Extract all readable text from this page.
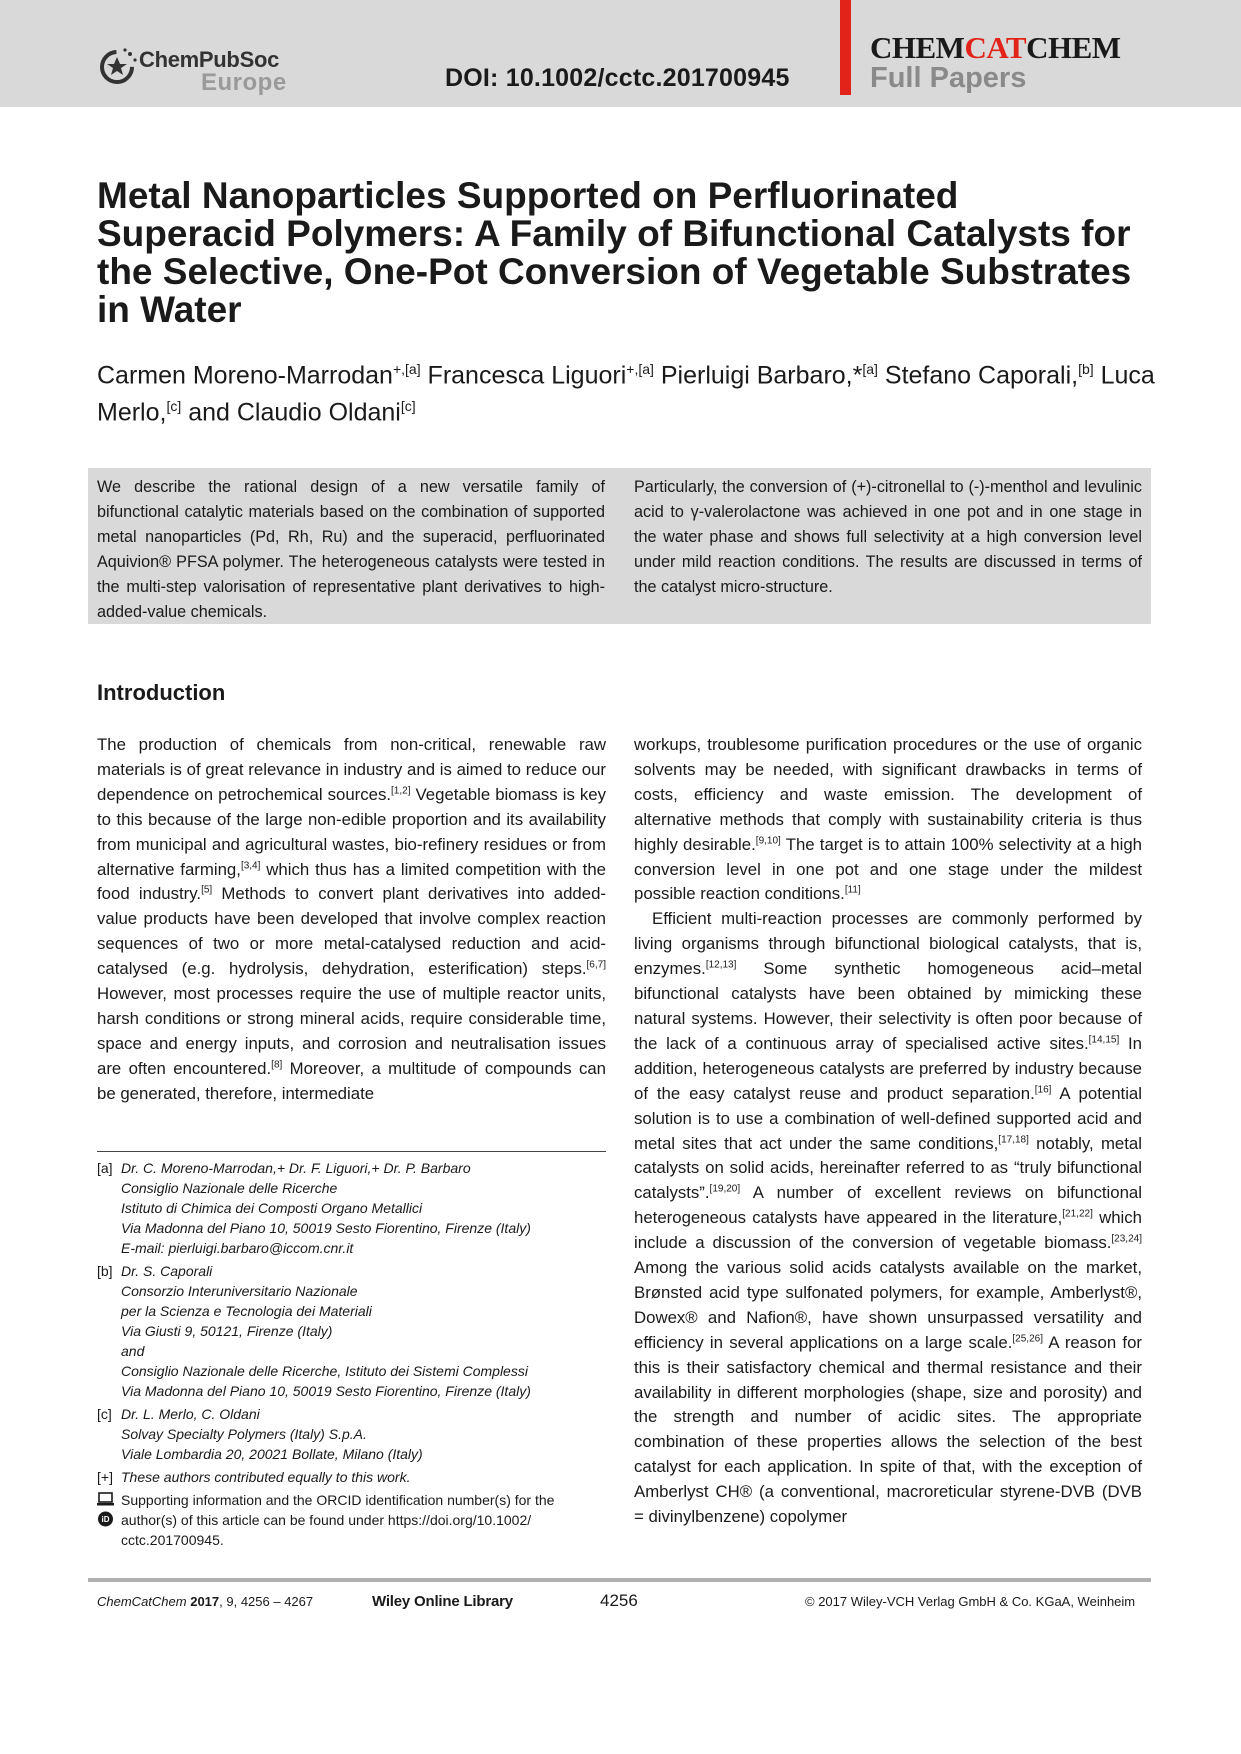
ChemPubSoc
Europe	DOI: 10.1002/cctc.201700945
CHEMCATCHEM
Full Papers
Metal Nanoparticles Supported on Perfluorinated Superacid Polymers: A Family of Bifunctional Catalysts for the Selective, One-Pot Conversion of Vegetable Substrates in Water
Carmen Moreno-Marrodan$^{+,[a]}$ Francesca Liguori$^{+,[a]}$ Pierluigi Barbaro,*[a] Stefano Caporali,[b] Luca Merlo,[c] and Claudio Oldani[c]
We describe the rational design of a new versatile family of bifunctional catalytic materials based on the combination of supported metal nanoparticles (Pd, Rh, Ru) and the superacid, perfluorinated Aquivion® PFSA polymer. The heterogeneous catalysts were tested in the multi-step valorisation of representative plant derivatives to high-added-value chemicals.
Particularly, the conversion of (+)-citronellal to (-)-menthol and levulinic acid to γ-valerolactone was achieved in one pot and in one stage in the water phase and shows full selectivity at a high conversion level under mild reaction conditions. The results are discussed in terms of the catalyst micro-structure.
Introduction

The production of chemicals from non-critical, renewable raw materials is of great relevance in industry and is aimed to reduce our dependence on petrochemical sources.[1,2] Vegetable biomass is key to this because of the large non-edible proportion and its availability from municipal and agricultural wastes, bio-refinery residues or from alternative farming,[3,4] which thus has a limited competition with the food industry.[5] Methods to convert plant derivatives into added-value products have been developed that involve complex reaction sequences of two or more metal-catalysed reduction and acid-catalysed (e.g. hydrolysis, dehydration, esterification) steps.[6,7] However, most processes require the use of multiple reactor units, harsh conditions or strong mineral acids, require considerable time, space and energy inputs, and corrosion and neutralisation issues are often encountered.[8] Moreover, a multitude of compounds can be generated, therefore, intermediate

workups, troublesome purification procedures or the use of organic solvents may be needed, with significant drawbacks in terms of costs, efficiency and waste emission. The development of alternative methods that comply with sustainability criteria is thus highly desirable.[9,10] The target is to attain 100% selectivity at a high conversion level in one pot and one stage under the mildest possible reaction conditions.[11]

Efficient multi-reaction processes are commonly performed by living organisms through bifunctional biological catalysts, that is, enzymes.[12,13] Some synthetic homogeneous acid–metal bifunctional catalysts have been obtained by mimicking these natural systems. However, their selectivity is often poor because of the lack of a continuous array of specialised active sites.[14,15] In addition, heterogeneous catalysts are preferred by industry because of the easy catalyst reuse and product separation.[16] A potential solution is to use a combination of well-defined supported acid and metal sites that act under the same conditions,[17,18] notably, metal catalysts on solid acids, hereinafter referred to as “truly bifunctional catalysts”.[19,20] A number of excellent reviews on bifunctional heterogeneous catalysts have appeared in the literature,[21,22] which include a discussion of the conversion of vegetable biomass.[23,24] Among the various solid acids catalysts available on the market, Brønsted acid type sulfonated polymers, for example, Amberlyst®, Dowex® and Nafion®, have shown unsurpassed versatility and efficiency in several applications on a large scale.[25,26] A reason for this is their satisfactory chemical and thermal resistance and their availability in different morphologies (shape, size and porosity) and the strength and number of acidic sites. The appropriate combination of these properties allows the selection of the best catalyst for each application. In spite of that, with the exception of Amberlyst CH® (a conventional, macroreticular styrene-DVB (DVB = divinylbenzene) copolymer

[a] Dr. C. Moreno-Marrodan,+ Dr. F. Liguori,+ Dr. P. Barbaro
Consiglio Nazionale delle Ricerche
Istituto di Chimica dei Composti Organo Metallici
Via Madonna del Piano 10, 50019 Sesto Fiorentino, Firenze (Italy)
E-mail: pierluigi.barbaro@iccom.cnr.it
[b] Dr. S. Caporali
Consorzio Interuniversitario Nazionale
per la Scienza e Tecnologia dei Materiali
Via Giusti 9, 50121, Firenze (Italy)
and
Consiglio Nazionale delle Ricerche, Istituto dei Sistemi Complessi
Via Madonna del Piano 10, 50019 Sesto Fiorentino, Firenze (Italy)
[c] Dr. L. Merlo, C. Oldani
Solvay Specialty Polymers (Italy) S.p.A.
Viale Lombardia 20, 20021 Bollate, Milano (Italy)
[+] These authors contributed equally to this work.
iD
Supporting information and the ORCID identification number(s) for the
author(s) of this article can be found under https://doi.org/10.1002/
cctc.201700945.
ChemCatChem 2017, 9, 4256 – 4267	Wiley Online Library	4256	© 2017 Wiley-VCH Verlag GmbH & Co. KGaA, Weinheim
